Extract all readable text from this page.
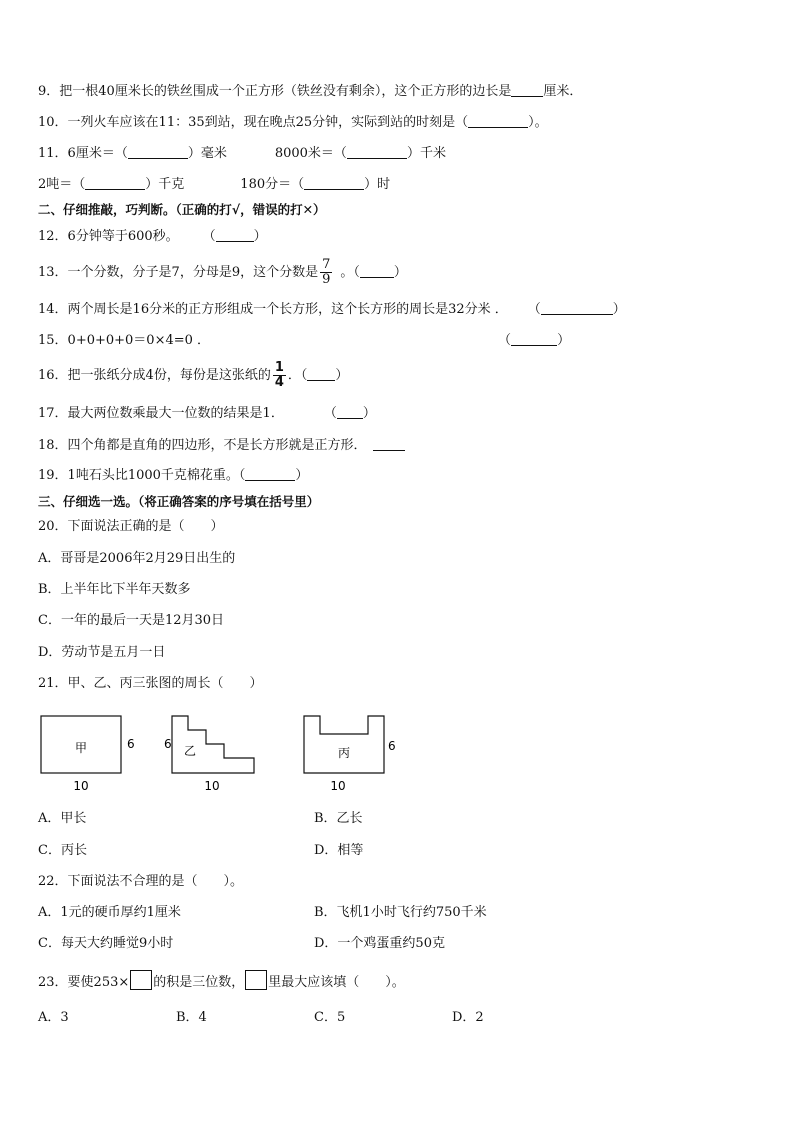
9．把一根40厘米长的铁丝围成一个正方形（铁丝没有剩余），这个正方形的边长是 厘米．
10．一列火车应该在11：35到站，现在晚点25分钟，实际到站的时刻是（	）。
11．6厘米＝（	）毫米	8000米＝（	）千米
2吨＝（	）千克	180分＝（	）时
二、仔细推敲，巧判断。（正确的打√，错误的打✕）
12．6分钟等于600秒。 （	）
13．一个分数，分子是7，分母是9，这个分数是 $\frac{7}{9}$ 。（	）
14．两个周长是16分米的正方形组成一个长方形，这个长方形的周长是32分米 ． （	）
15．0+0+0+0＝0×4=0 ．	（	）
16．把一张纸分成4份，每份是这张纸的 $\frac{1}{4}$ ．（ ）
17．最大两位数乘最大一位数的结果是1．	（ ）
18．四个角都是直角的四边形，不是长方形就是正方形．
19．1吨石头比1000千克棉花重。（	）
三、仔细选一选。（将正确答案的序号填在括号里）
20．下面说法正确的是（　　）
A．哥哥是2006年2月29日出生的
B．上半年比下半年天数多
C．一年的最后一天是12月30日
D．劳动节是五月一日
21．甲、乙、丙三张图的周长（　　）
甲	6
10
6 乙
10
丙	6
10
A．甲长	B．乙长
C．丙长	D．相等
22．下面说法不合理的是（　　）。
A．1元的硬币厚约1厘米	B．飞机1小时飞行约750千米
C．每天大约睡觉9小时	D．一个鸡蛋重约50克
23．要使253× 的积是三位数， 里最大应该填（　　）。
A．3	B．4	C．5	D．2
